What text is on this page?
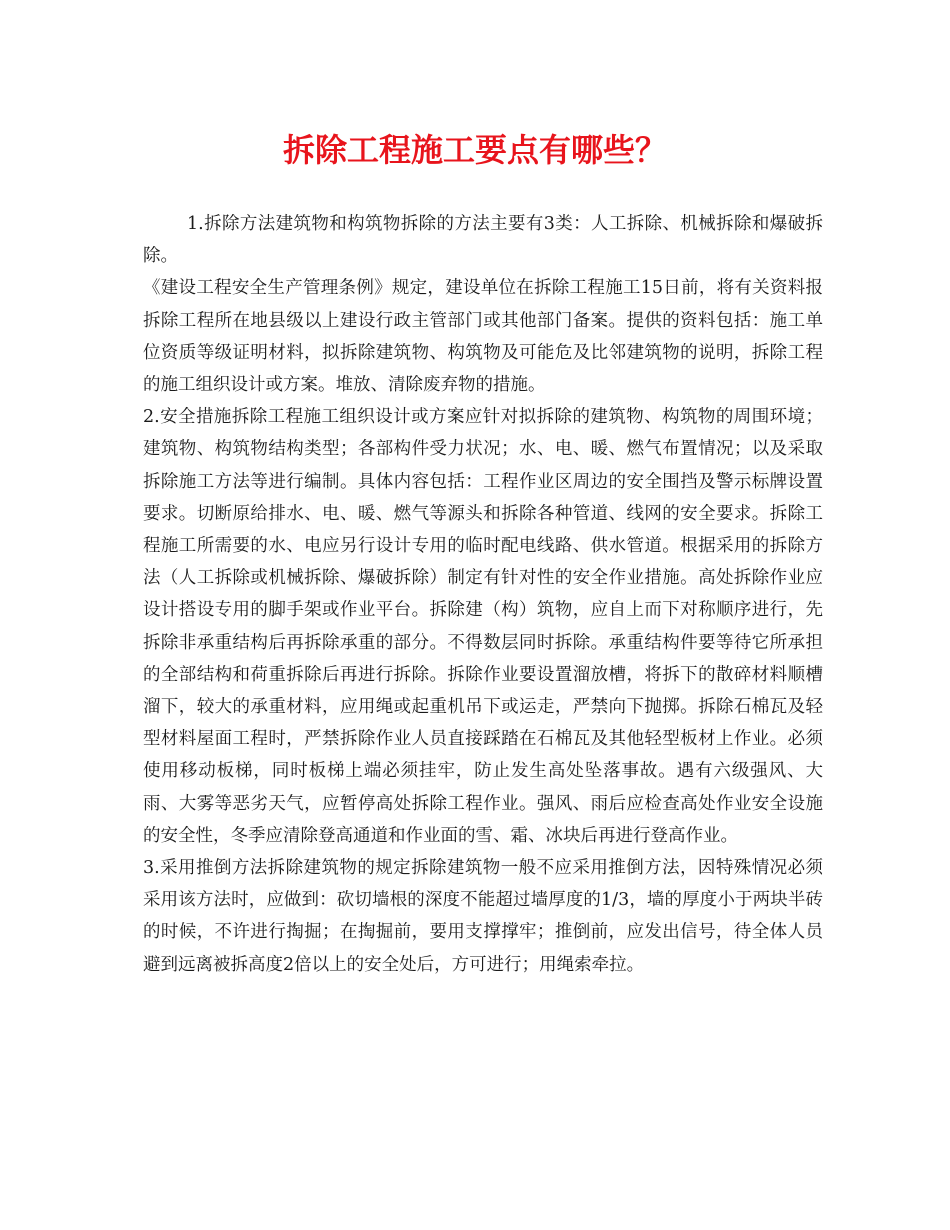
拆除工程施工要点有哪些？

1.拆除方法建筑物和构筑物拆除的方法主要有3类：人工拆除、机械拆除和爆破拆除。

《建设工程安全生产管理条例》规定，建设单位在拆除工程施工15日前，将有关资料报拆除工程所在地县级以上建设行政主管部门或其他部门备案。提供的资料包括：施工单位资质等级证明材料，拟拆除建筑物、构筑物及可能危及比邻建筑物的说明，拆除工程的施工组织设计或方案。堆放、清除废弃物的措施。

2.安全措施拆除工程施工组织设计或方案应针对拟拆除的建筑物、构筑物的周围环境；建筑物、构筑物结构类型；各部构件受力状况；水、电、暖、燃气布置情况；以及采取拆除施工方法等进行编制。具体内容包括：工程作业区周边的安全围挡及警示标牌设置要求。切断原给排水、电、暖、燃气等源头和拆除各种管道、线网的安全要求。拆除工程施工所需要的水、电应另行设计专用的临时配电线路、供水管道。根据采用的拆除方法（人工拆除或机械拆除、爆破拆除）制定有针对性的安全作业措施。高处拆除作业应设计搭设专用的脚手架或作业平台。拆除建（构）筑物，应自上而下对称顺序进行，先拆除非承重结构后再拆除承重的部分。不得数层同时拆除。承重结构件要等待它所承担的全部结构和荷重拆除后再进行拆除。拆除作业要设置溜放槽，将拆下的散碎材料顺槽溜下，较大的承重材料，应用绳或起重机吊下或运走，严禁向下抛掷。拆除石棉瓦及轻型材料屋面工程时，严禁拆除作业人员直接踩踏在石棉瓦及其他轻型板材上作业。必须使用移动板梯，同时板梯上端必须挂牢，防止发生高处坠落事故。遇有六级强风、大雨、大雾等恶劣天气，应暂停高处拆除工程作业。强风、雨后应检查高处作业安全设施的安全性，冬季应清除登高通道和作业面的雪、霜、冰块后再进行登高作业。

3.采用推倒方法拆除建筑物的规定拆除建筑物一般不应采用推倒方法，因特殊情况必须采用该方法时，应做到：砍切墙根的深度不能超过墙厚度的1/3，墙的厚度小于两块半砖的时候，不许进行掏掘；在掏掘前，要用支撑撑牢；推倒前，应发出信号，待全体人员避到远离被拆高度2倍以上的安全处后，方可进行；用绳索牵拉。
